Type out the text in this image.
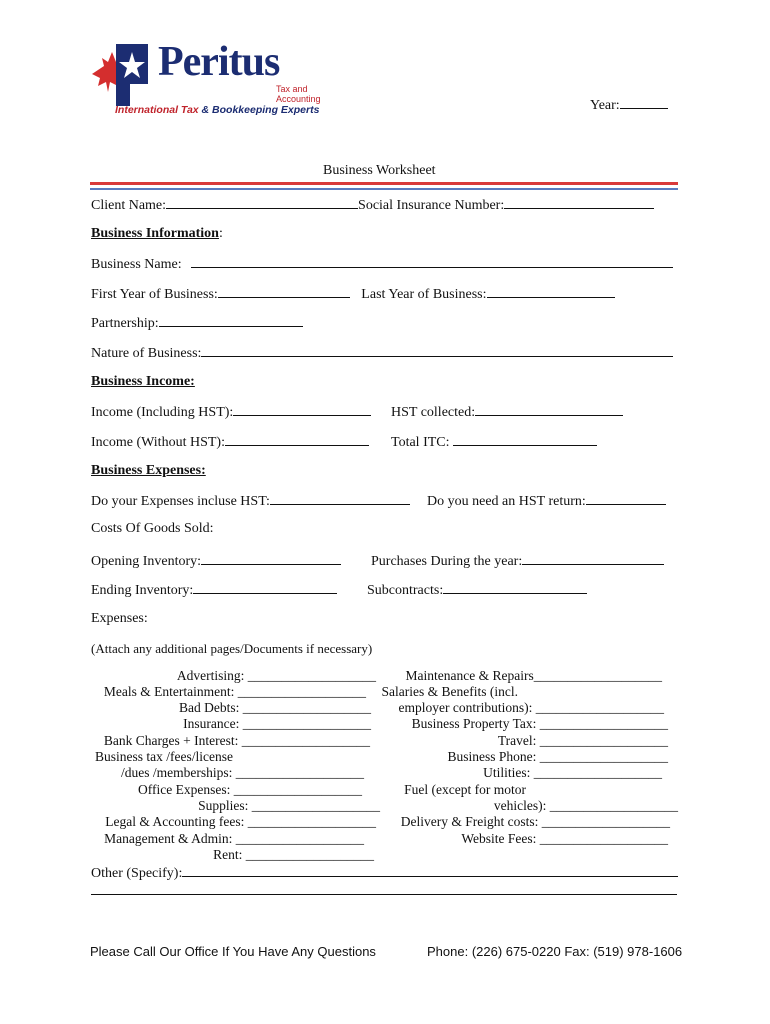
Peritus
Tax and Accounting
International Tax & Bookkeeping Experts	Year:
Business Worksheet
Client Name:	Social Insurance Number:
Business Information:
Business Name:
First Year of Business:	Last Year of Business:
Partnership:
Nature of Business:
Business Income:
Income (Including HST):	HST collected:
Income (Without HST):	Total ITC:
Business Expenses:
Do your Expenses incluse HST:	Do you need an HST return:
Costs Of Goods Sold:
Opening Inventory:	Purchases During the year:
Ending Inventory:	Subcontracts:
Expenses:
(Attach any additional pages/Documents if necessary)
Advertising: ___________________
Meals & Entertainment: ___________________
Bad Debts: ___________________
Insurance: ___________________
Bank Charges + Interest: ___________________
Business tax /fees/license
/dues /memberships: ___________________
Office Expenses: ___________________
Supplies: ___________________
Legal & Accounting fees: ___________________
Management & Admin: ___________________
Rent: ___________________
Maintenance & Repairs___________________
Salaries & Benefits (incl.
employer contributions): ___________________
Business Property Tax: ___________________
Travel: ___________________
Business Phone: ___________________
Utilities: ___________________
Fuel (except for motor
vehicles): ___________________
Delivery & Freight costs: ___________________
Website Fees: ___________________
Other (Specify):
Please Call Our Office If You Have Any Questions	Phone: (226) 675-0220 Fax: (519) 978-1606
